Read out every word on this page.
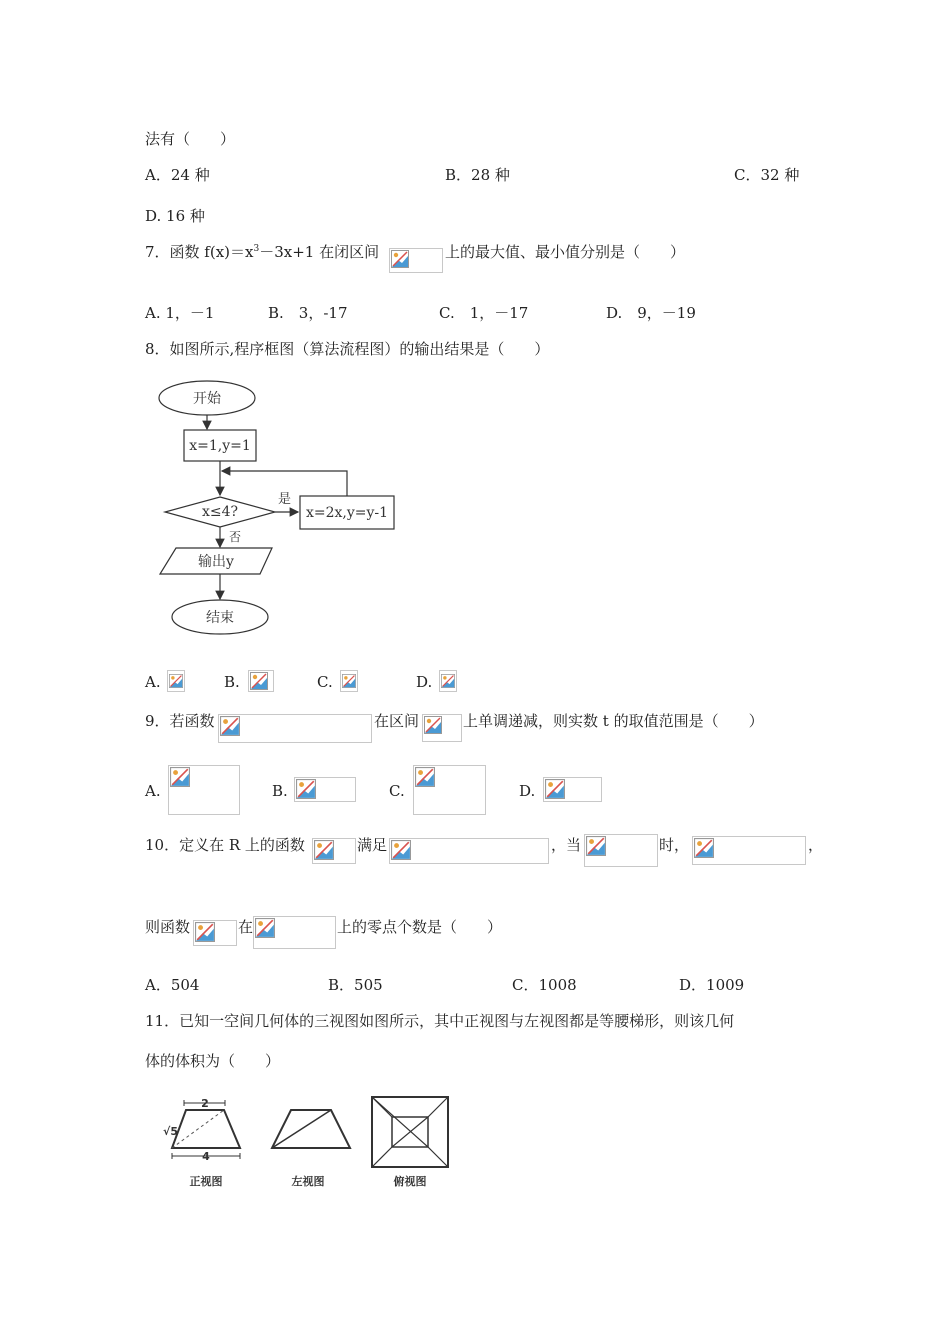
法有（　　）
A．24 种	B．28 种	C．32 种
D. 16 种
7．函数 $f(x)=x^3-3x+1$ 在闭区间	上的最大值、最小值分别是（　　）
A. 1，－1	B.　3，-17	C.　1，－17	D.　9，－19
8．如图所示,程序框图（算法流程图）的输出结果是（　　）
开始
x=1,y=1
x≤4?
是
x=2x,y=y-1
否
输出y
结束
A.	B.	C.	D.
9．若函数	在区间	上单调递减，则实数 t 的取值范围是（　　）
A.	B.	C.	D.
10．定义在 R 上的函数	满足	，当	时，	，
则函数	在	上的零点个数是（　　）
A．504	B．505	C．1008	D．1009
11．已知一空间几何体的三视图如图所示，其中正视图与左视图都是等腰梯形，则该几何
体的体积为（　　）
2
√5
4
正视图	左视图	俯视图
